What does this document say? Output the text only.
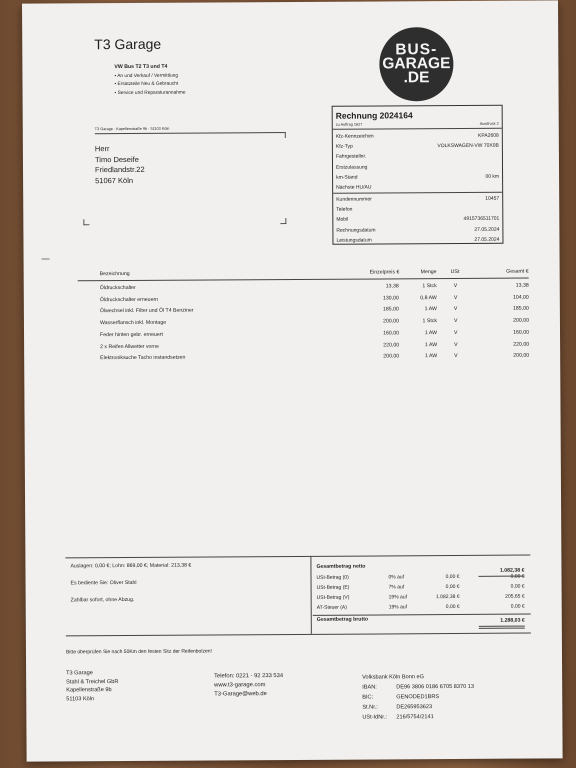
T3 Garage
VW Bus T2 T3 und T4
• An und Verkauf / Vermittlung
• Ersatzteile Neu & Gebraucht
• Service und Reparaturannahme
BUS-
GARAGE
.DE
T3 Garage · Kapellenstraße 9b · 51103 Köln
Herr
Timo Deseife
Friedlandstr.22
51067 Köln
Rechnung 2024164
zu Auftrag 1627	Ausdruck 2
Kfz-Kennzeichen	KPA2608
Kfz-Typ	VOLKSWAGEN-VW 70X0B
Fahrgestellnr.
Erstzulassung
km-Stand	00 km
Nächste HU/AU
Kundennummer	10457
Telefon
Mobil	4915736511701
Rechnungsdatum	27.05.2024
Leistungsdatum	27.05.2024
Bezeichnung	Einzelpreis €	Menge	USt	Gesamt €
Öldruckschalter	13,38	1 Stck	V	13,38
Öldruckschalter erneuern	130,00	0,8 AW	V	104,00
Ölwechsel inkl. Filter und Öl T4 Benziner	185,00	1 AW	V	185,00
Wasserflansch inkl. Montage	200,00	1 Stck	V	200,00
Feder hinten gebr. erneuert	160,00	1 AW	V	160,00
2 x Reifen Allwetter vorne	220,00	1 AW	V	220,00
Elektroniksuche Tacho instandsetzen	200,00	1 AW	V	200,00
Auslagen: 0,00 €; Lohn: 869,00 €; Material: 213,38 €
Es bediente Sie: Oliver Stahl
Zahlbar sofort, ohne Abzug.
Gesamtbetrag netto
1.082,38 €
USt-Betrag (0)	0% auf	0,00 €	0,00 €
USt-Betrag (E)	7% auf	0,00 €	0,00 €
USt-Betrag (V)	19% auf	1.082,38 €	205,65 €
AT-Steuer (A)	19% auf	0,00 €	0,00 €
Gesamtbetrag brutto	1.288,03 €
Bitte überprüfen Sie nach 50Km den festen Sitz der Reifenbolzen!
T3 Garage
Stahl & Treichel GbR
Kapellenstraße 9b
51103 Köln
Telefon: 0221 - 92 233 534
www.t3-garage.com
T3-Garage@web.de
Volksbank Köln Bonn eG
IBAN:	DE96 3806 0186 6705 8370 13
BIC:	GENODED1BRS
St.Nr.:	DE265953623
USt-IdNr.: 216/5754/2141
